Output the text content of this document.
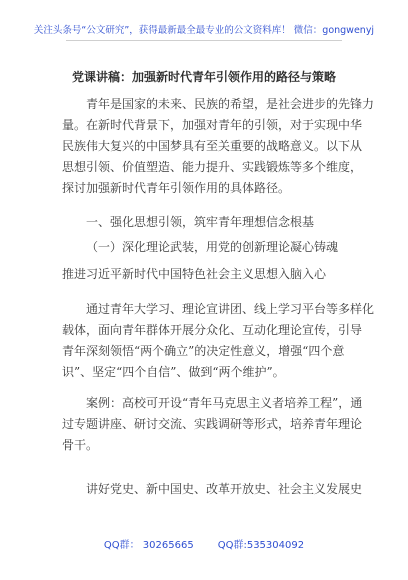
关注头条号“公文研究”，获得最新最全最专业的公文资料库！ 微信：gongwenyj
党课讲稿：加强新时代青年引领作用的路径与策略
青年是国家的未来、民族的希望，是社会进步的先锋力
量。在新时代背景下，加强对青年的引领，对于实现中华
民族伟大复兴的中国梦具有至关重要的战略意义。以下从
思想引领、价值塑造、能力提升、实践锻炼等多个维度，
探讨加强新时代青年引领作用的具体路径。
一、强化思想引领，筑牢青年理想信念根基
（一）深化理论武装，用党的创新理论凝心铸魂
推进习近平新时代中国特色社会主义思想入脑入心
通过青年大学习、理论宣讲团、线上学习平台等多样化
载体，面向青年群体开展分众化、互动化理论宣传，引导
青年深刻领悟“两个确立”的决定性意义，增强“四个意
识”、坚定“四个自信”、做到“两个维护”。
案例：高校可开设“青年马克思主义者培养工程”，通
过专题讲座、研讨交流、实践调研等形式，培养青年理论
骨干。
讲好党史、新中国史、改革开放史、社会主义发展史
QQ群： 30265665 QQ群:535304092
